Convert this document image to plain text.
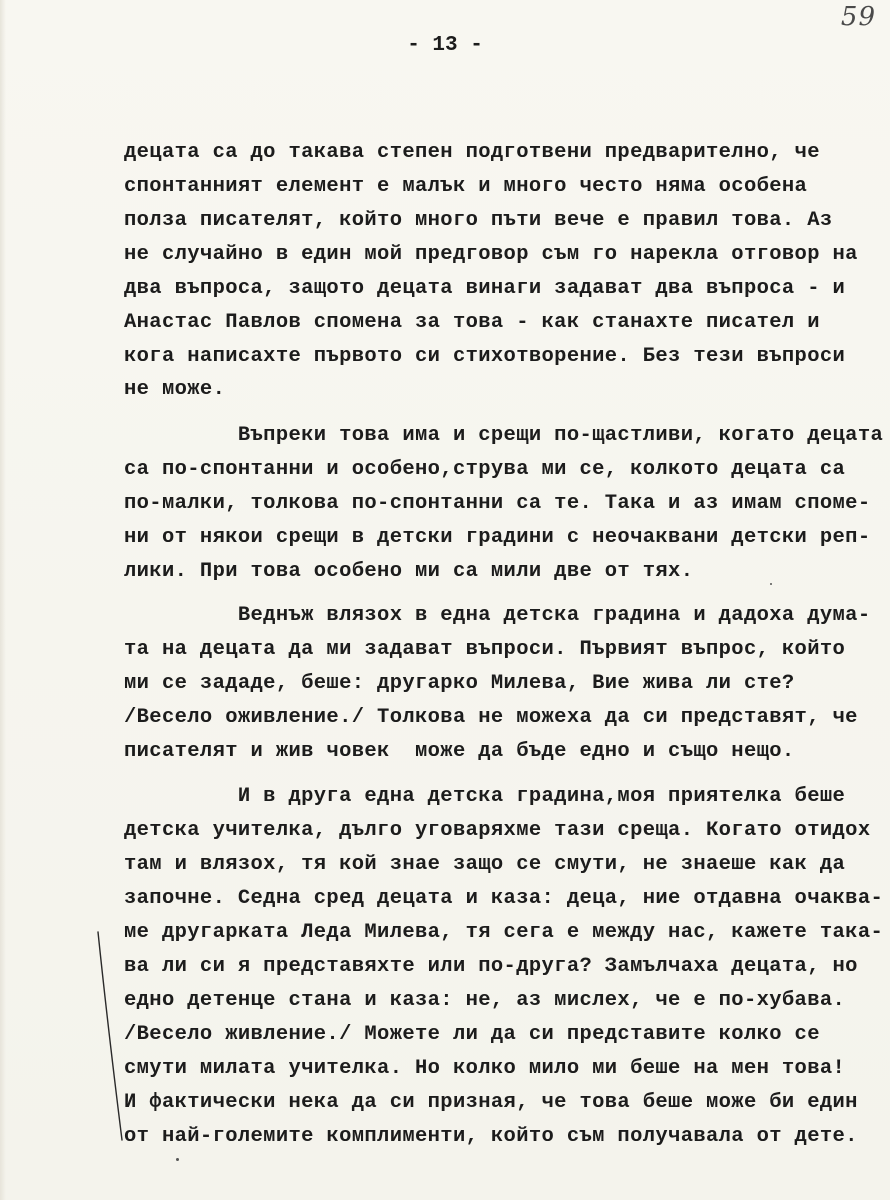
59
- 13 -
децата са до такава степен подготвени предварително, че
спонтанният елемент е малък и много често няма особена
полза писателят, който много пъти вече е правил това. Аз
не случайно в един мой предговор съм го нарекла отговор на
два въпроса, защото децата винаги задават два въпроса - и
Анастас Павлов спомена за това - как станахте писател и
кога написахте първото си стихотворение. Без тези въпроси
не може.
Въпреки това има и срещи по-щастливи, когато децата
са по-спонтанни и особено,струва ми се, колкото децата са
по-малки, толкова по-спонтанни са те. Така и аз имам споме-
ни от някои срещи в детски градини с неочаквани детски реп-
лики. При това особено ми са мили две от тях.
Веднъж влязох в една детска градина и дадоха дума-
та на децата да ми задават въпроси. Първият въпрос, който
ми се зададе, беше: другарко Милева, Вие жива ли сте?
/Весело оживление./ Толкова не можеха да си представят, че
писателят и жив човек  може да бъде едно и също нещо.
И в друга една детска градина,моя приятелка беше
детска учителка, дълго уговаряхме тази среща. Когато отидох
там и влязох, тя кой знае защо се смути, не знаеше как да
започне. Седна сред децата и каза: деца, ние отдавна очаква-
ме другарката Леда Милева, тя сега е между нас, кажете така-
ва ли си я представяхте или по-друга? Замълчаха децата, но
едно детенце стана и каза: не, аз мислех, че е по-хубава.
/Весело живление./ Можете ли да си представите колко се
смути милата учителка. Но колко мило ми беше на мен това!
И фактически нека да си призная, че това беше може би един
от най-големите комплименти, който съм получавала от дете.
